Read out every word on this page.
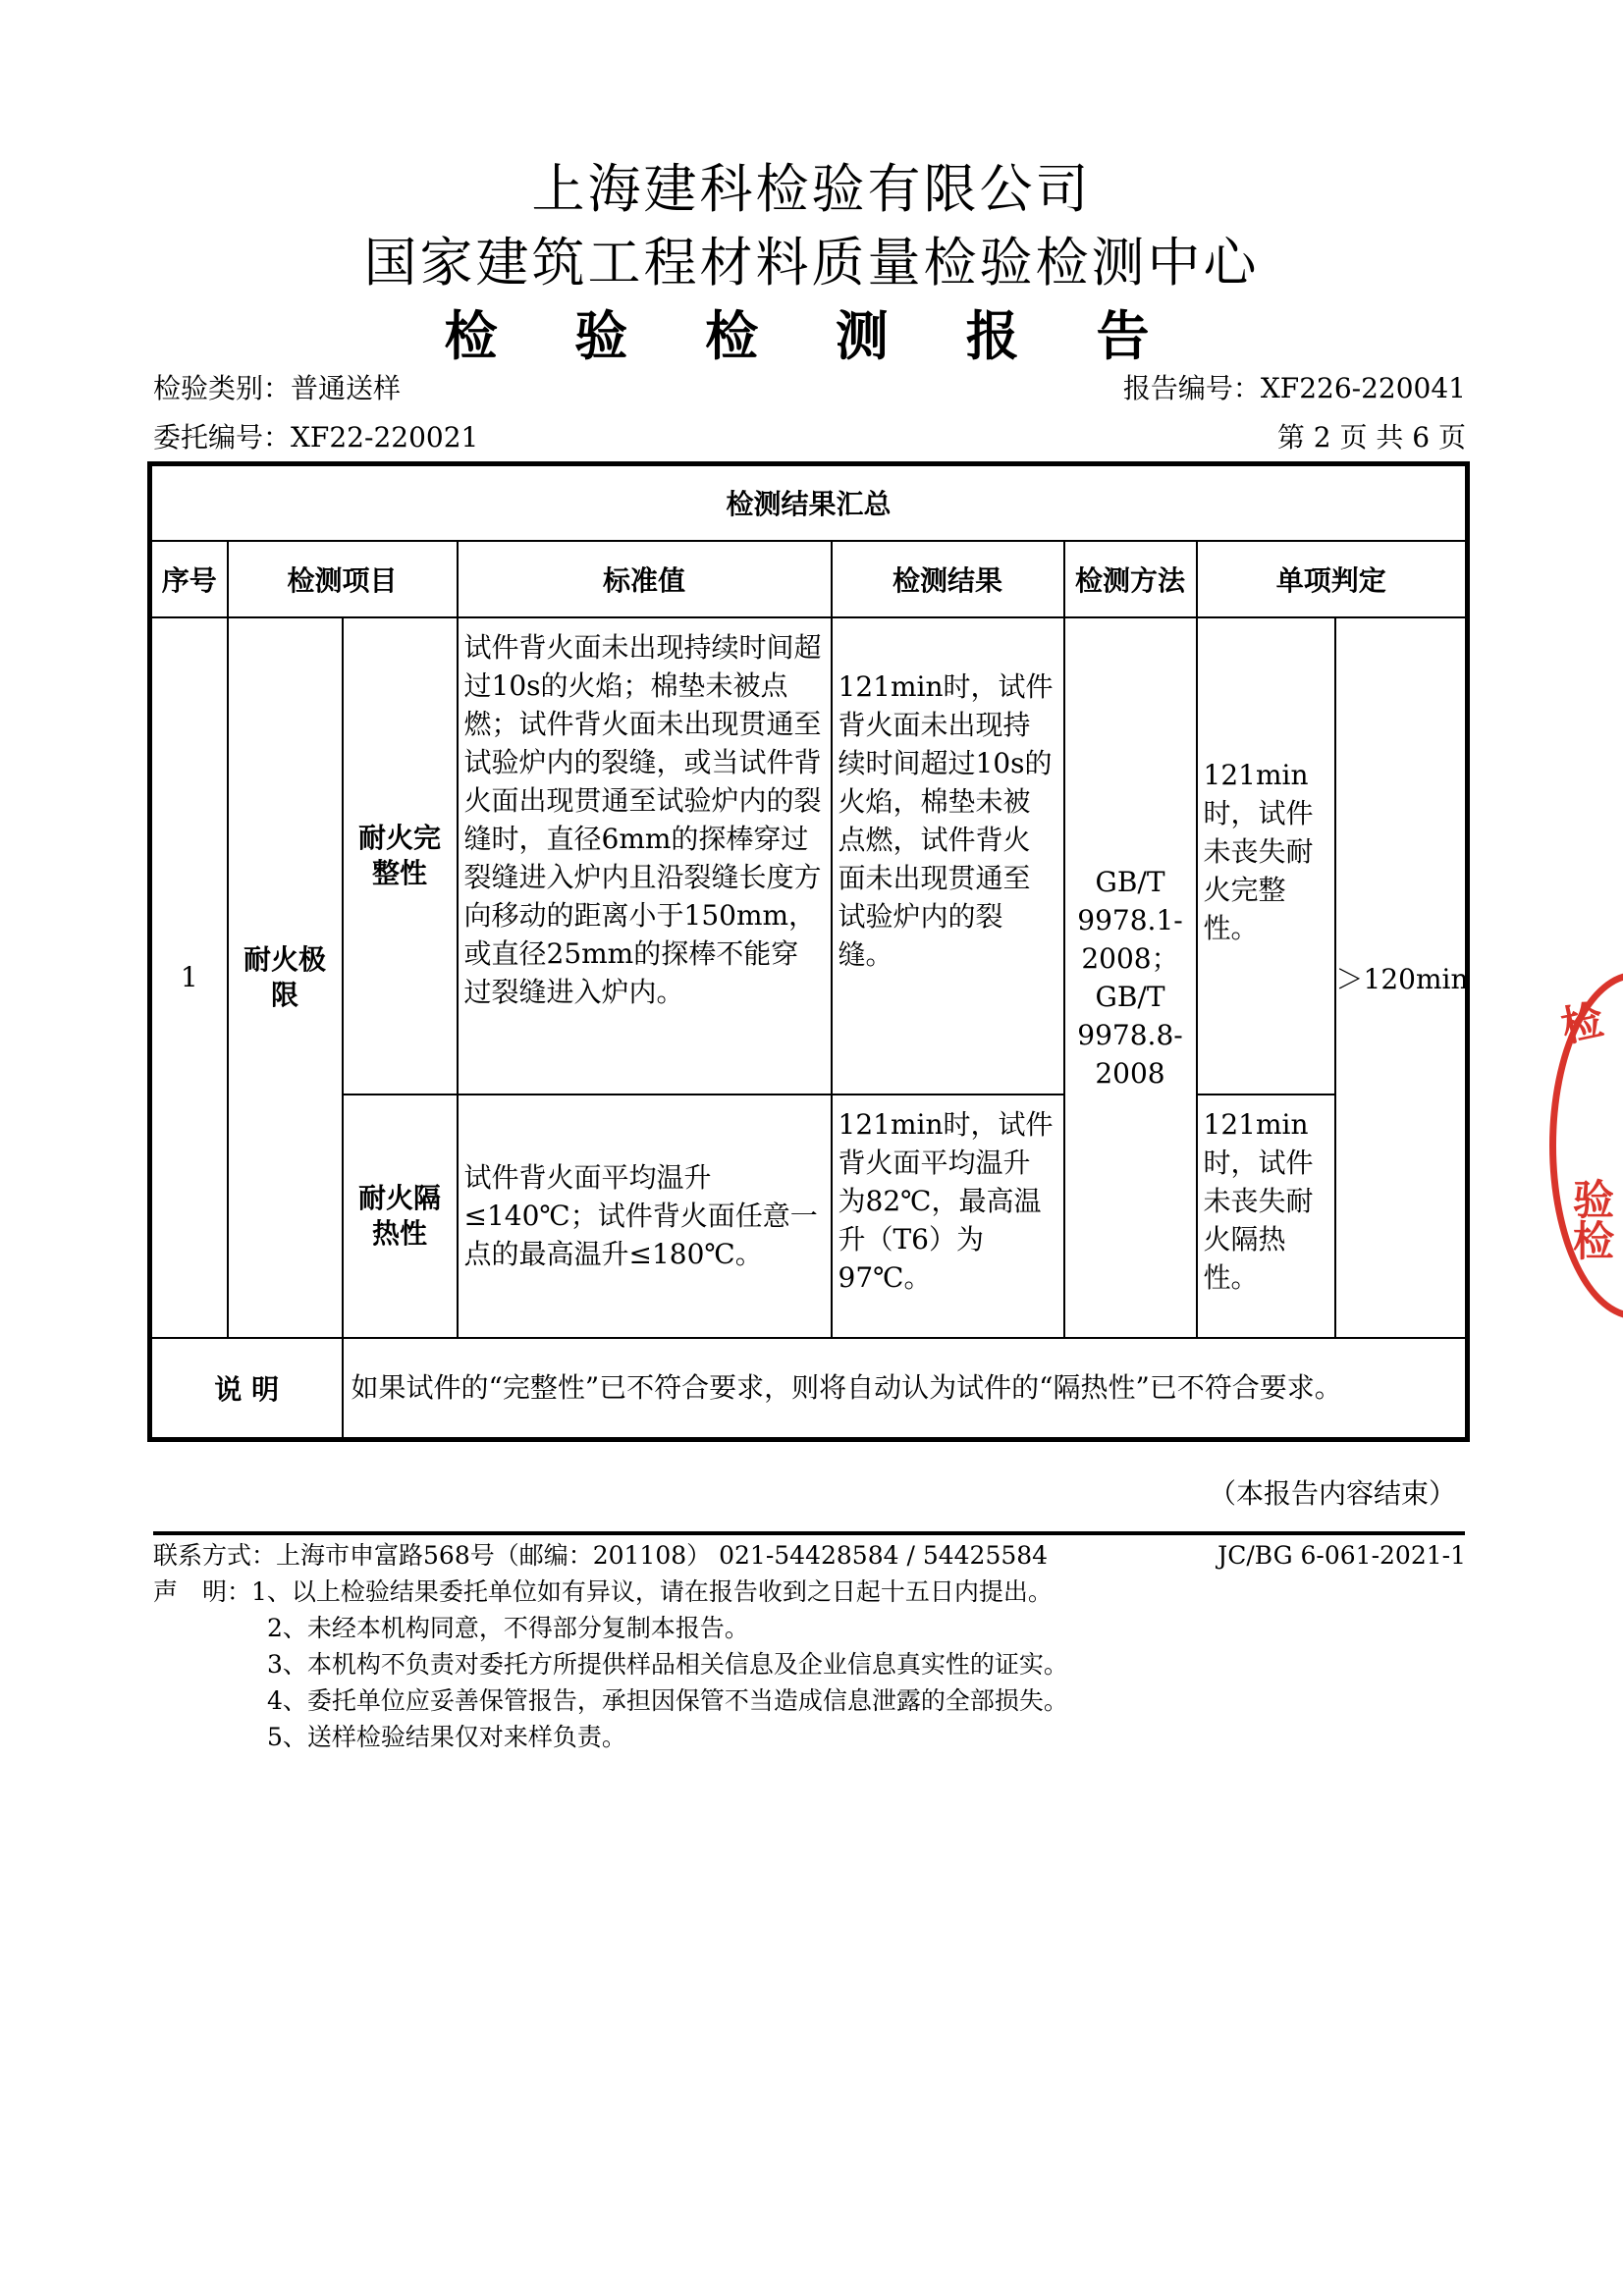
上海建科检验有限公司
国家建筑工程材料质量检验检测中心
检 验 检 测 报 告
检验类别：普通送样	报告编号：XF226-220041
委托编号：XF22-220021	第 2 页 共 6 页
检测结果汇总							
序号	检测项目		标准值	检测结果	检测方法	单项判定	
1	耐火极限	耐火完整性	试件背火面未出现持续时间超过10s的火焰；棉垫未被点燃；试件背火面未出现贯通至试验炉内的裂缝，或当试件背火面出现贯通至试验炉内的裂缝时，直径6mm的探棒穿过裂缝进入炉内且沿裂缝长度方向移动的距离小于150mm，或直径25mm的探棒不能穿过裂缝进入炉内。	121min时，试件背火面未出现持续时间超过10s的火焰，棉垫未被点燃，试件背火面未出现贯通至试验炉内的裂缝。	GB/T 9978.1-2008；GB/T 9978.8-2008	121min时，试件未丧失耐火完整性。	＞120min
		耐火隔热性	试件背火面平均温升≤140℃；试件背火面任意一点的最高温升≤180℃。	121min时，试件背火面平均温升为82℃，最高温升（T6）为97℃。		121min时，试件未丧失耐火隔热性。	
说 明		如果试件的“完整性”已不符合要求，则将自动认为试件的“隔热性”已不符合要求。					
（本报告内容结束）
联系方式：上海市申富路568号（邮编：201108） 021-54428584 / 54425584	JC/BG 6-061-2021-1
声　明：1、以上检验结果委托单位如有异议，请在报告收到之日起十五日内提出。
2、未经本机构同意，不得部分复制本报告。
3、本机构不负责对委托方所提供样品相关信息及企业信息真实性的证实。
4、委托单位应妥善保管报告，承担因保管不当造成信息泄露的全部损失。
5、送样检验结果仅对来样负责。
检
验检
